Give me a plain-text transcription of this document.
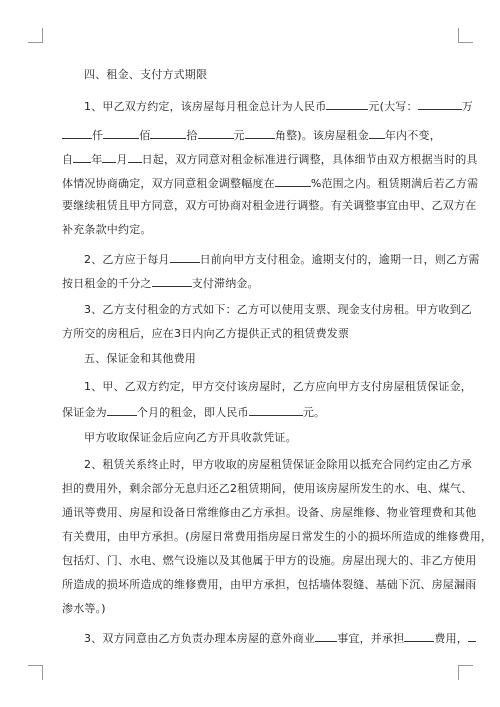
四、租金、支付方式期限
1、甲乙双方约定，该房屋每月租金总计为人民币	元(大写：	万
仟	佰	拾	元	角整)。该房屋租金 年内不变，
自 年 月 日起，双方同意对租金标准进行调整，具体细节由双方根据当时的具
体情况协商确定，双方同意租金调整幅度在	%范围之内。租赁期满后若乙方需
要继续租赁且甲方同意，双方可协商对租金进行调整。有关调整事宜由甲、乙双方在
补充条款中约定。
2、乙方应于每月	日前向甲方支付租金。逾期支付的，逾期一日，则乙方需
按日租金的千分之	支付滞纳金。
3、乙方支付租金的方式如下：乙方可以使用支票、现金支付房租。甲方收到乙
方所交的房租后，应在3日内向乙方提供正式的租赁费发票
五、保证金和其他费用
1、甲、乙双方约定，甲方交付该房屋时，乙方应向甲方支付房屋租赁保证金，
保证金为	个月的租金，即人民币	元。
甲方收取保证金后应向乙方开具收款凭证。
2、租赁关系终止时，甲方收取的房屋租赁保证金除用以抵充合同约定由乙方承
担的费用外，剩余部分无息归还乙2租赁期间，使用该房屋所发生的水、电、煤气、
通讯等费用、房屋和设备日常维修由乙方承担。设备、房屋维修、物业管理费和其他
有关费用，由甲方承担。(房屋日常费用指房屋日常发生的小的损坏所造成的维修费用，
包括灯、门、水电、燃气设施以及其他属于甲方的设施。房屋出现大的、非乙方使用
所造成的损坏所造成的维修费用，由甲方承担，包括墙体裂缝、基础下沉、房屋漏雨
渗水等。)
3、双方同意由乙方负责办理本房屋的意外商业 事宜，并承担	费用，
